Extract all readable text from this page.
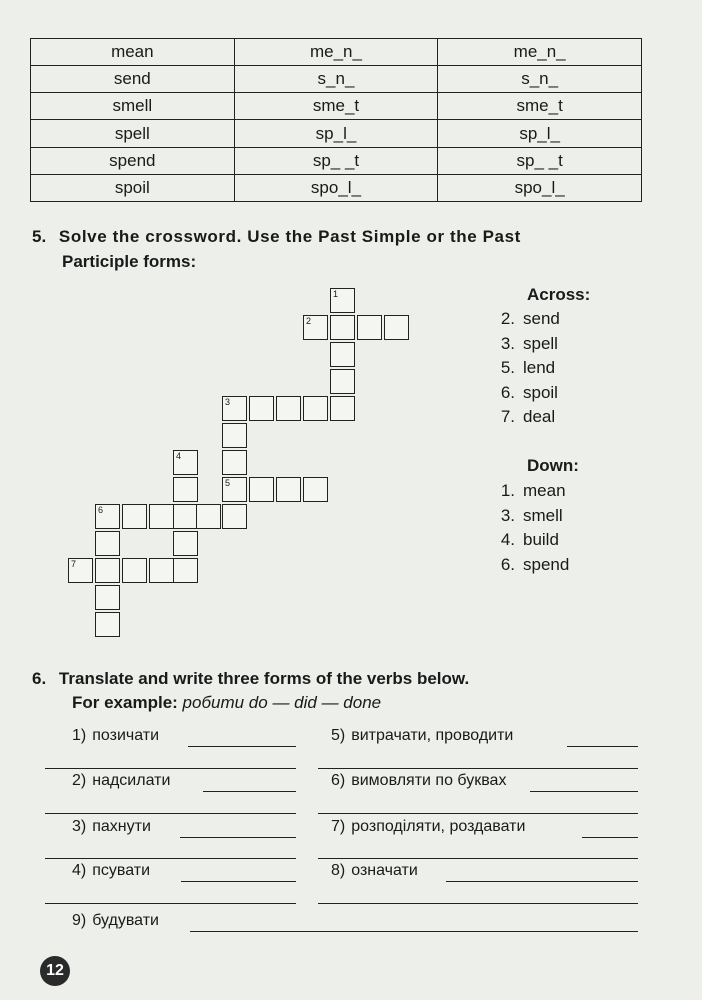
mean	me_n_	me_n_
send	s_n_	s_n_
smell	sme_t	sme_t
spell	sp_l_	sp_l_
spend	sp_ _t	sp_ _t
spoil	spo_l_	spo_l_
5. Solve the crossword. Use the Past Simple or the Past
Participle forms:
1
2
3
5
4
6
7
Across:
2. send
3. spell
5. lend
6. spoil
7. deal
Down:
1. mean
3. smell
4. build
6. spend
6. Translate and write three forms of the verbs below.
For example: робити do — did — done
1) позичати	5) витрачати, проводити
2) надсилати	6) вимовляти по буквах
3) пахнути	7) розподіляти, роздавати
4) псувати	8) означати
9) будувати
12
